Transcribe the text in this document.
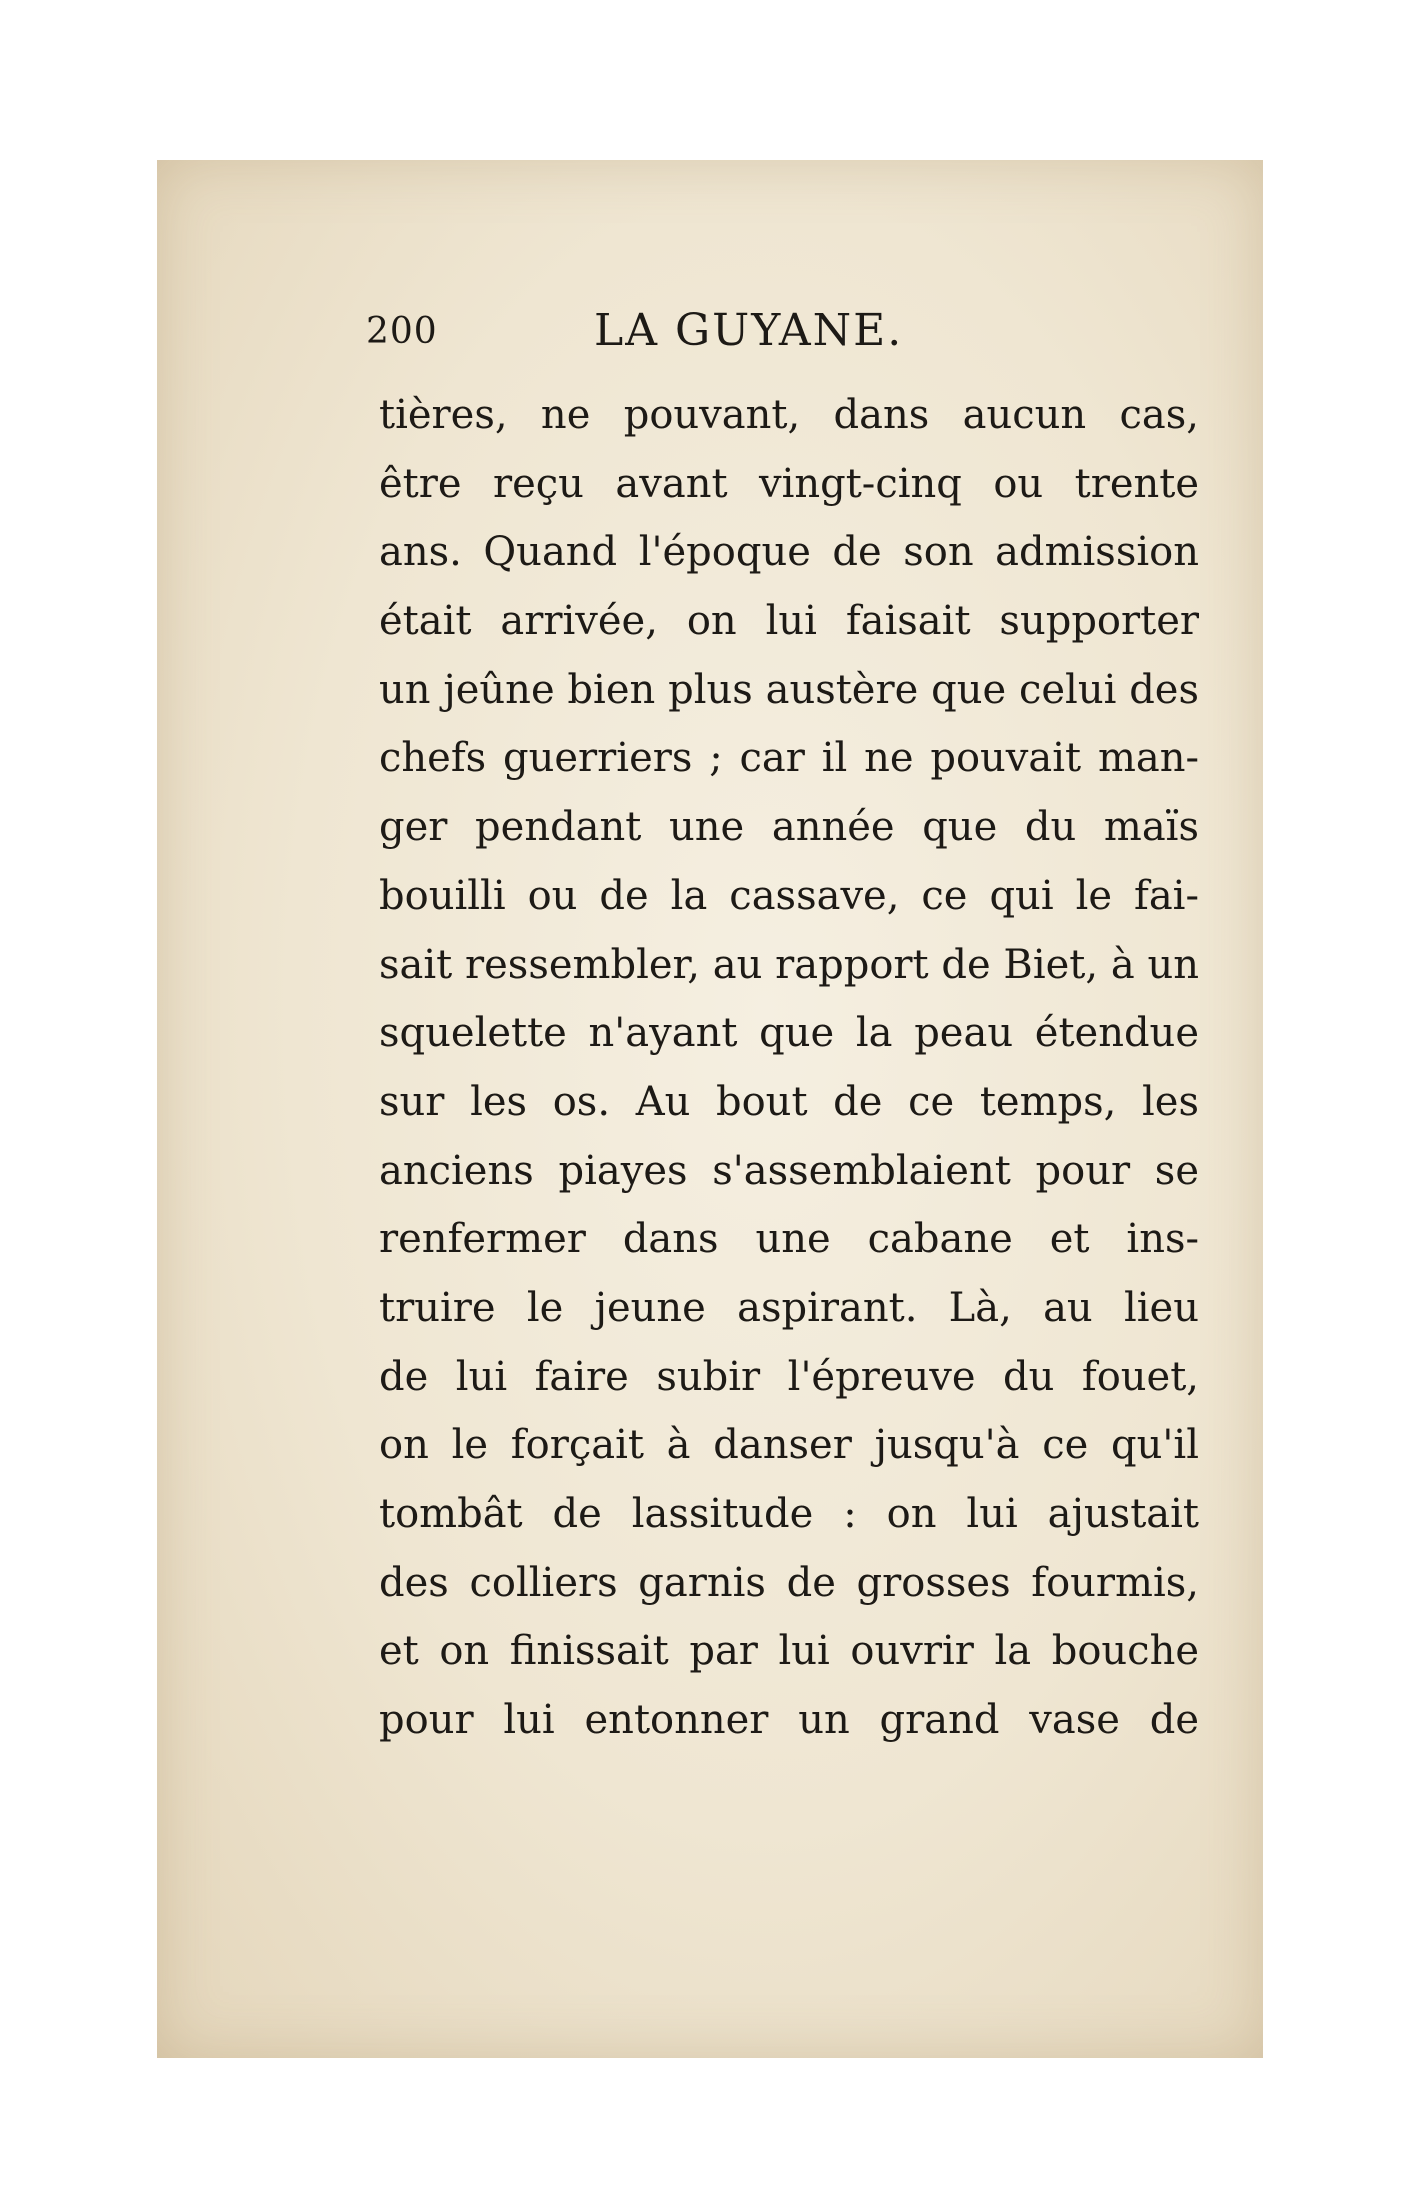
200	LA GUYANE.
tières, ne pouvant, dans aucun cas,
être reçu avant vingt-cinq ou trente
ans. Quand l'époque de son admission
était arrivée, on lui faisait supporter
un jeûne bien plus austère que celui des
chefs guerriers ; car il ne pouvait man-
ger pendant une année que du maïs
bouilli ou de la cassave, ce qui le fai-
sait ressembler, au rapport de Biet, à un
squelette n'ayant que la peau étendue
sur les os. Au bout de ce temps, les
anciens piayes s'assemblaient pour se
renfermer dans une cabane et ins-
truire le jeune aspirant. Là, au lieu
de lui faire subir l'épreuve du fouet,
on le forçait à danser jusqu'à ce qu'il
tombât de lassitude : on lui ajustait
des colliers garnis de grosses fourmis,
et on finissait par lui ouvrir la bouche
pour lui entonner un grand vase de
